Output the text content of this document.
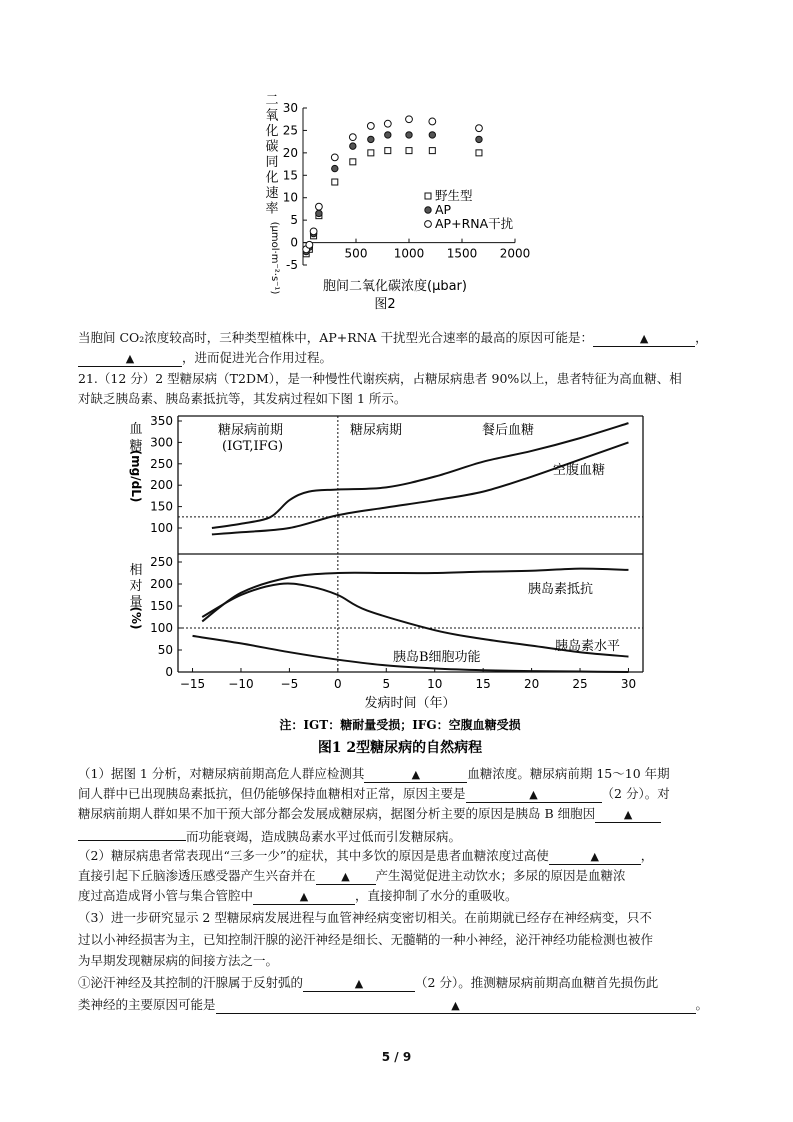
二
氧
化
碳
同
化
速
率
(μmol·m⁻²·s⁻¹)
30
25
20
15
10
5
0
-5
500 1000 1500 2000
野生型
AP
AP+RNA干扰
胞间二氧化碳浓度(μbar)
图2
当胞间 CO₂浓度较高时，三种类型植株中，AP+RNA 干扰型光合速率的最高的原因可能是：	▲	，
▲	，进而促进光合作用过程。
21.（12 分）2 型糖尿病（T2DM），是一种慢性代谢疾病，占糖尿病患者 90%以上，患者特征为高血糖、相
对缺乏胰岛素、胰岛素抵抗等，其发病过程如下图 1 所示。
350
300
250
200
150
100
250
200
150
100
50
0
−15 −10 −5	0	5	10	15	20	25	30
血
糖
(mg/dL)
相
对
量
(%)
糖尿病前期
(IGT,IFG)
糖尿病期	餐后血糖
空腹血糖
胰岛素抵抗
胰岛素水平
胰岛B细胞功能
发病时间（年）
注：IGT：糖耐量受损；IFG：空腹血糖受损
图1 2型糖尿病的自然病程
（1）据图 1 分析，对糖尿病前期高危人群应检测其	▲	血糖浓度。糖尿病前期 15～10 年期
间人群中已出现胰岛素抵抗，但仍能够保持血糖相对正常，原因主要是	▲	（2 分）。对
糖尿病前期人群如果不加干预大部分都会发展成糖尿病，据图分析主要的原因是胰岛 B 细胞因	▲
而功能衰竭，造成胰岛素水平过低而引发糖尿病。
（2）糖尿病患者常表现出“三多一少”的症状，其中多饮的原因是患者血糖浓度过高使	▲	，
直接引起下丘脑渗透压感受器产生兴奋并在 ▲ 产生渴觉促进主动饮水；多尿的原因是血糖浓
度过高造成肾小管与集合管腔中	▲	，直接抑制了水分的重吸收。
（3）进一步研究显示 2 型糖尿病发展进程与血管神经病变密切相关。在前期就已经存在神经病变，只不
过以小神经损害为主，已知控制汗腺的泌汗神经是细长、无髓鞘的一种小神经，泌汗神经功能检测也被作
为早期发现糖尿病的间接方法之一。
①泌汗神经及其控制的汗腺属于反射弧的	▲	（2 分）。推测糖尿病前期高血糖首先损伤此
类神经的主要原因可能是	▲	。
5 / 9
